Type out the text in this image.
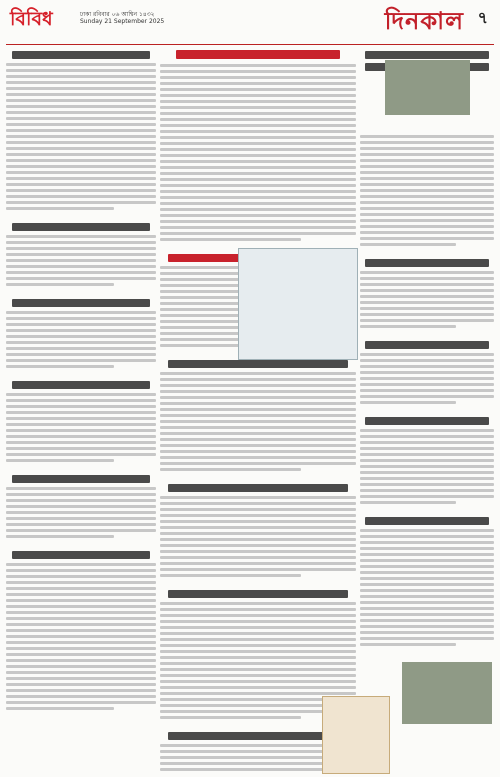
বিবিধ	ঢাকা রবিবার ০৬ আশ্বিন ১৪৩২
Sunday 21 September 2025	দিনকাল ৭
